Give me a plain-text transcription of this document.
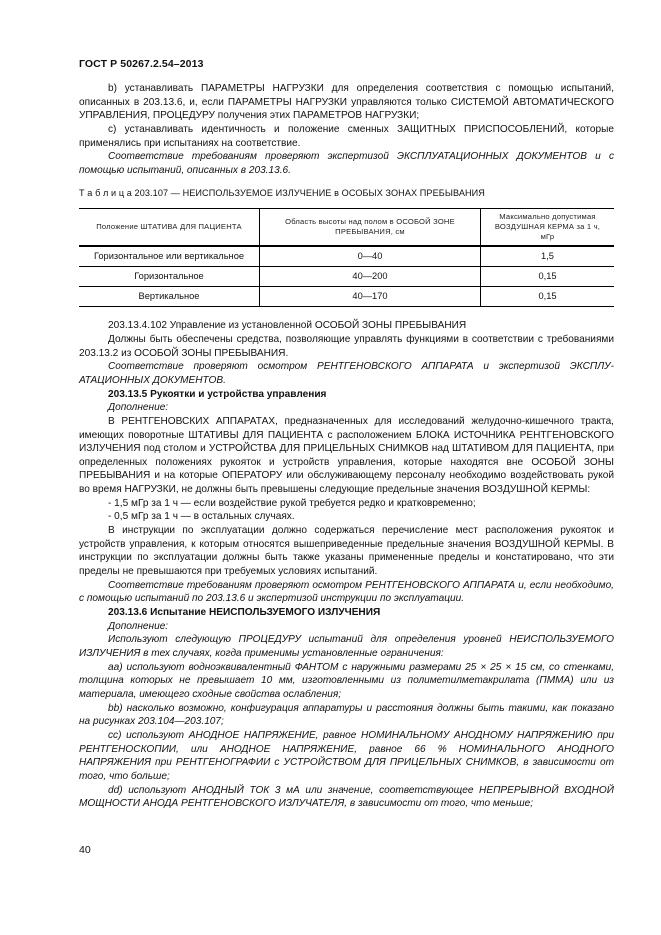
ГОСТ Р 50267.2.54–2013

b) устанавливать ПАРАМЕТРЫ НАГРУЗКИ для определения соответствия с помощью испытаний, описанных в 203.13.6, и, если ПАРАМЕТРЫ НАГРУЗКИ управляются только СИСТЕМОЙ АВТОМАТИЧЕСКОГО УПРАВЛЕНИЯ, ПРОЦЕДУРУ получения этих ПАРАМЕТРОВ НАГРУЗКИ;

c) устанавливать идентичность и положение сменных ЗАЩИТНЫХ ПРИСПОСОБЛЕНИЙ, которые применялись при испытаниях на соответствие.

Соответствие требованиям проверяют экспертизой ЭКСПЛУАТАЦИОННЫХ ДОКУМЕНТОВ и с помощью испытаний, описанных в 203.13.6.

Т а б л и ц а 203.107 — НЕИСПОЛЬЗУЕМОЕ ИЗЛУЧЕНИЕ в ОСОБЫХ ЗОНАХ ПРЕБЫВАНИЯ

Положение ШТАТИВА ДЛЯ ПАЦИЕНТА	Область высоты над полом в ОСОБОЙ ЗОНЕ ПРЕБЫВАНИЯ, см	Максимально допустимая ВОЗДУШНАЯ КЕРМА за 1 ч, мГр
Горизонтальное или вертикальное	0—40	1,5
Горизонтальное	40—200	0,15
Вертикальное	40—170	0,15

203.13.4.102 Управление из установленной ОСОБОЙ ЗОНЫ ПРЕБЫВАНИЯ

Должны быть обеспечены средства, позволяющие управлять функциями в соответствии с требованиями 203.13.2 из ОСОБОЙ ЗОНЫ ПРЕБЫВАНИЯ.

Соответствие проверяют осмотром РЕНТГЕНОВСКОГО АППАРАТА и экспертизой ЭКСПЛУАТАЦИОННЫХ ДОКУМЕНТОВ.

203.13.5 Рукоятки и устройства управления

Дополнение:

В РЕНТГЕНОВСКИХ АППАРАТАХ, предназначенных для исследований желудочно-кишечного тракта, имеющих поворотные ШТАТИВЫ ДЛЯ ПАЦИЕНТА с расположением БЛОКА ИСТОЧНИКА РЕНТГЕНОВСКОГО ИЗЛУЧЕНИЯ под столом и УСТРОЙСТВА ДЛЯ ПРИЦЕЛЬНЫХ СНИМКОВ над ШТАТИВОМ ДЛЯ ПАЦИЕНТА, при определенных положениях рукояток и устройств управления, которые находятся вне ОСОБОЙ ЗОНЫ ПРЕБЫВАНИЯ и на которые ОПЕРАТОРУ или обслуживающему персоналу необходимо воздействовать рукой во время НАГРУЗКИ, не должны быть превышены следующие предельные значения ВОЗДУШНОЙ КЕРМЫ:

- 1,5 мГр за 1 ч — если воздействие рукой требуется редко и кратковременно;

- 0,5 мГр за 1 ч — в остальных случаях.

В инструкции по эксплуатации должно содержаться перечисление мест расположения рукояток и устройств управления, к которым относятся вышеприведенные предельные значения ВОЗДУШНОЙ КЕРМЫ. В инструкции по эксплуатации должны быть также указаны примененные пределы и констатировано, что эти пределы не превышаются при требуемых условиях испытаний.

Соответствие требованиям проверяют осмотром РЕНТГЕНОВСКОГО АППАРАТА и, если необходимо, с помощью испытаний по 203.13.6 и экспертизой инструкции по эксплуатации.

203.13.6 Испытание НЕИСПОЛЬЗУЕМОГО ИЗЛУЧЕНИЯ

Дополнение:

Используют следующую ПРОЦЕДУРУ испытаний для определения уровней НЕИСПОЛЬЗУЕМОГО ИЗЛУЧЕНИЯ в тех случаях, когда применимы установленные ограничения:

aa) используют водноэквивалентный ФАНТОМ с наружными размерами 25 × 25 × 15 см, со стенками, толщина которых не превышает 10 мм, изготовленными из полиметилметакрилата (ПММА) или из материала, имеющего сходные свойства ослабления;

bb) насколько возможно, конфигурация аппаратуры и расстояния должны быть такими, как показано на рисунках 203.104—203.107;

cc) используют АНОДНОЕ НАПРЯЖЕНИЕ, равное НОМИНАЛЬНОМУ АНОДНОМУ НАПРЯЖЕНИЮ при РЕНТГЕНОСКОПИИ, или АНОДНОЕ НАПРЯЖЕНИЕ, равное 66 % НОМИНАЛЬНОГО АНОДНОГО НАПРЯЖЕНИЯ при РЕНТГЕНОГРАФИИ с УСТРОЙСТВОМ ДЛЯ ПРИЦЕЛЬНЫХ СНИМКОВ, в зависимости от того, что больше;

dd) используют АНОДНЫЙ ТОК 3 мА или значение, соответствующее НЕПРЕРЫВНОЙ ВХОДНОЙ МОЩНОСТИ АНОДА РЕНТГЕНОВСКОГО ИЗЛУЧАТЕЛЯ, в зависимости от того, что меньше;

40
